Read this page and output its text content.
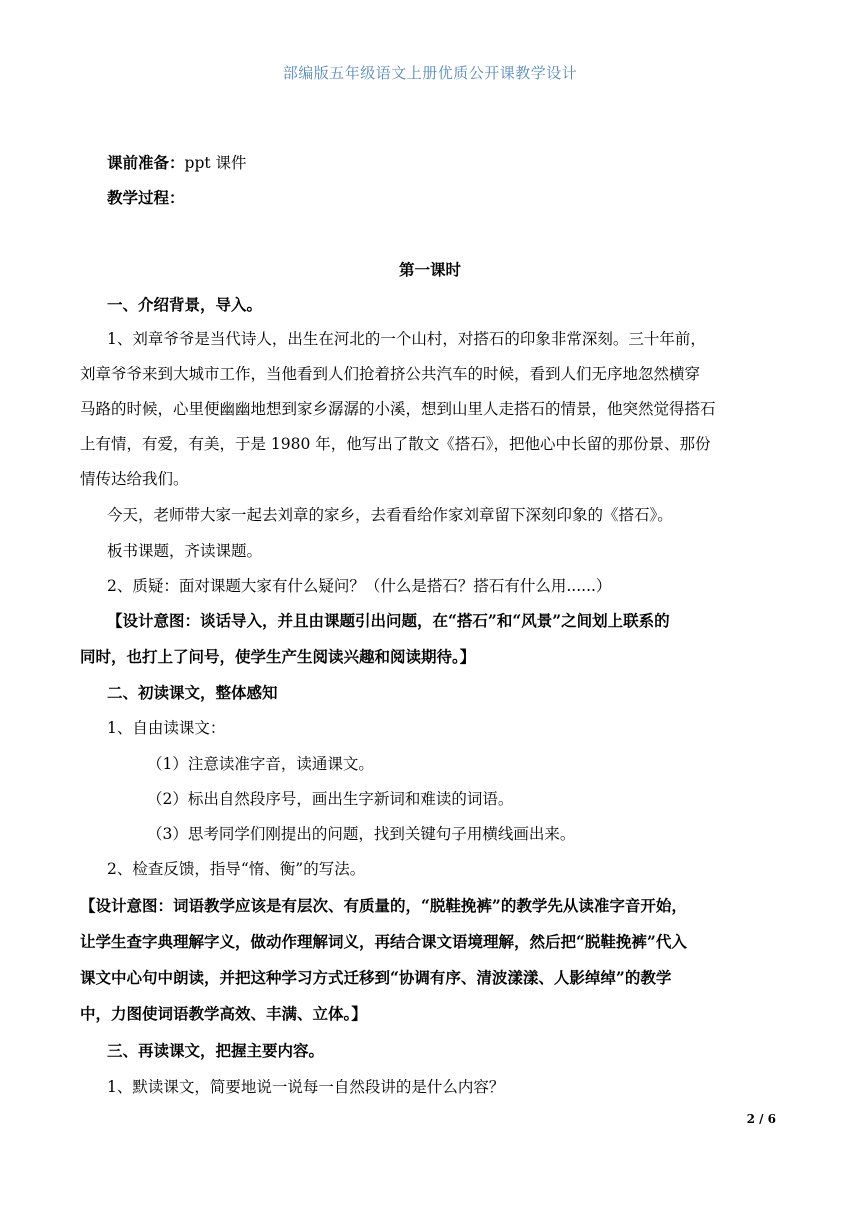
部编版五年级语文上册优质公开课教学设计
课前准备：ppt 课件
教学过程：
第一课时
一、介绍背景，导入。
1、刘章爷爷是当代诗人，出生在河北的一个山村，对搭石的印象非常深刻。三十年前，
刘章爷爷来到大城市工作，当他看到人们抢着挤公共汽车的时候，看到人们无序地忽然横穿
马路的时候，心里便幽幽地想到家乡潺潺的小溪，想到山里人走搭石的情景，他突然觉得搭石
上有情，有爱，有美，于是 1980 年，他写出了散文《搭石》，把他心中长留的那份景、那份
情传达给我们。
今天，老师带大家一起去刘章的家乡，去看看给作家刘章留下深刻印象的《搭石》。
板书课题，齐读课题。
2、质疑：面对课题大家有什么疑问？（什么是搭石？搭石有什么用......）
【设计意图：谈话导入，并且由课题引出问题，在“搭石”和“风景”之间划上联系的
同时，也打上了问号，使学生产生阅读兴趣和阅读期待。】
二、初读课文，整体感知
1、自由读课文：
（1）注意读准字音，读通课文。
（2）标出自然段序号，画出生字新词和难读的词语。
（3）思考同学们刚提出的问题，找到关键句子用横线画出来。
2、检查反馈，指导“惰、衡”的写法。
【设计意图：词语教学应该是有层次、有质量的，“脱鞋挽裤”的教学先从读准字音开始，
让学生查字典理解字义，做动作理解词义，再结合课文语境理解，然后把“脱鞋挽裤”代入
课文中心句中朗读，并把这种学习方式迁移到“协调有序、清波漾漾、人影绰绰”的教学
中，力图使词语教学高效、丰满、立体。】
三、再读课文，把握主要内容。
1、默读课文，简要地说一说每一自然段讲的是什么内容？
2 / 6
